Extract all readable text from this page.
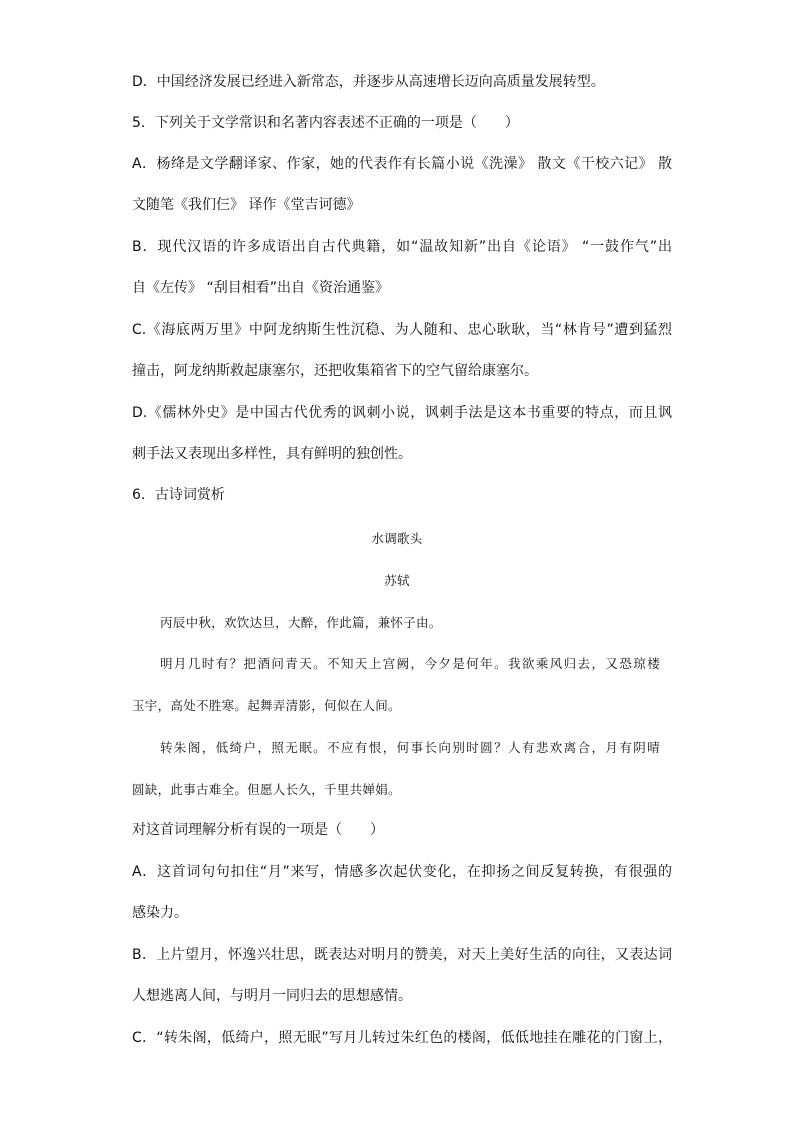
D．中国经济发展已经进入新常态，并逐步从高速增长迈向高质量发展转型。
5．下列关于文学常识和名著内容表述不正确的一项是（　　）
A．杨绛是文学翻译家、作家，她的代表作有长篇小说《洗澡》 散文《干校六记》 散
文随笔《我们仨》 译作《堂吉诃德》
B．现代汉语的许多成语出自古代典籍，如“温故知新”出自《论语》 “一鼓作气”出
自《左传》 “刮目相看”出自《资治通鉴》
C.《海底两万里》中阿龙纳斯生性沉稳、为人随和、忠心耿耿，当“林肯号”遭到猛烈
撞击，阿龙纳斯救起康塞尔，还把收集箱省下的空气留给康塞尔。
D.《儒林外史》是中国古代优秀的讽刺小说，讽刺手法是这本书重要的特点，而且讽
刺手法又表现出多样性，具有鲜明的独创性。
6．古诗词赏析
水调歌头
苏轼
丙辰中秋，欢饮达旦，大醉，作此篇，兼怀子由。
明月几时有？把酒问青天。不知天上宫阙，今夕是何年。我欲乘风归去，又恐琼楼
玉宇，高处不胜寒。起舞弄清影，何似在人间。
转朱阁，低绮户，照无眠。不应有恨，何事长向别时圆？人有悲欢离合，月有阴晴
圆缺，此事古难全。但愿人长久，千里共婵娟。
对这首词理解分析有误的一项是（　　）
A．这首词句句扣住“月”来写，情感多次起伏变化，在抑扬之间反复转换，有很强的
感染力。
B．上片望月，怀逸兴壮思，既表达对明月的赞美，对天上美好生活的向往，又表达词
人想逃离人间，与明月一同归去的思想感情。
C．“转朱阁，低绮户，照无眠”写月儿转过朱红色的楼阁，低低地挂在雕花的门窗上，
